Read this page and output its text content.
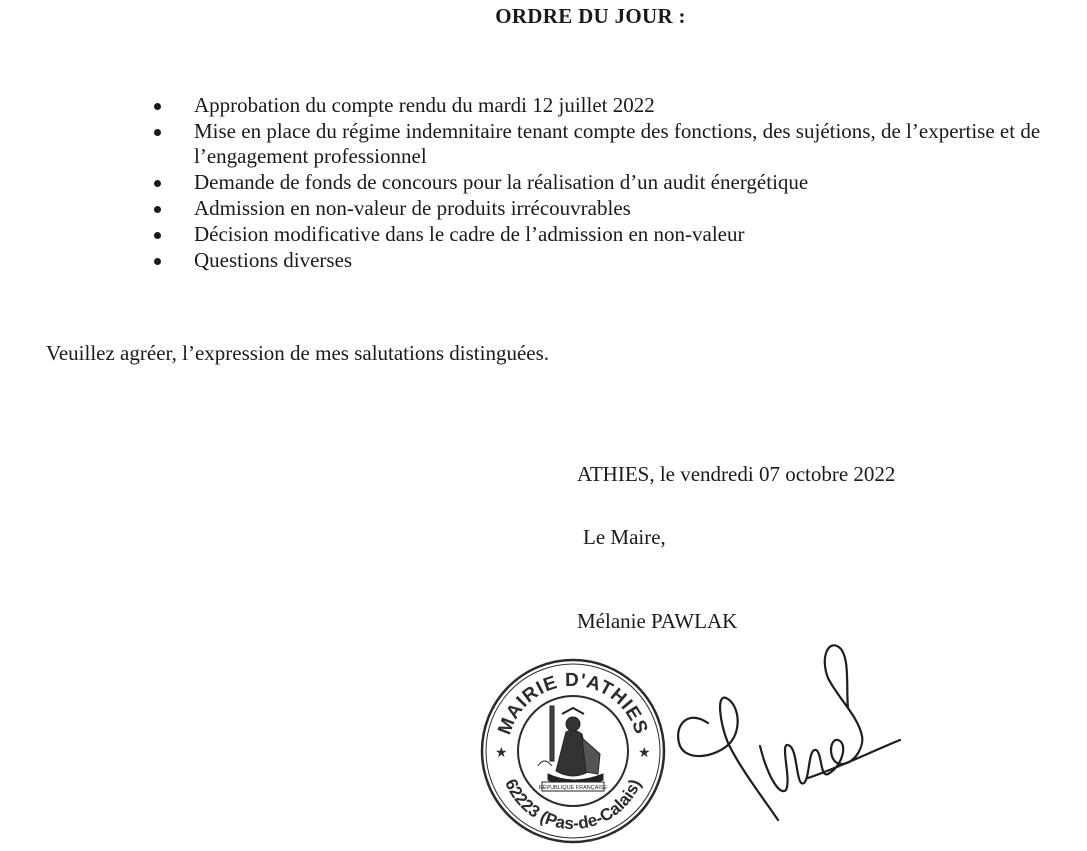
ORDRE DU JOUR :
Approbation du compte rendu du mardi 12 juillet 2022
Mise en place du régime indemnitaire tenant compte des fonctions, des sujétions, de l’expertise et de l’engagement professionnel
Demande de fonds de concours pour la réalisation d’un audit énergétique
Admission en non-valeur de produits irrécouvrables
Décision modificative dans le cadre de l’admission en non-valeur
Questions diverses

Veuillez agréer, l’expression de mes salutations distinguées.

ATHIES, le vendredi 07 octobre 2022

Le Maire,

Mélanie PAWLAK

MAIRIE D'ATHIES
62223 (Pas-de-Calais)
★	★
RÉPUBLIQUE FRANÇAISE
